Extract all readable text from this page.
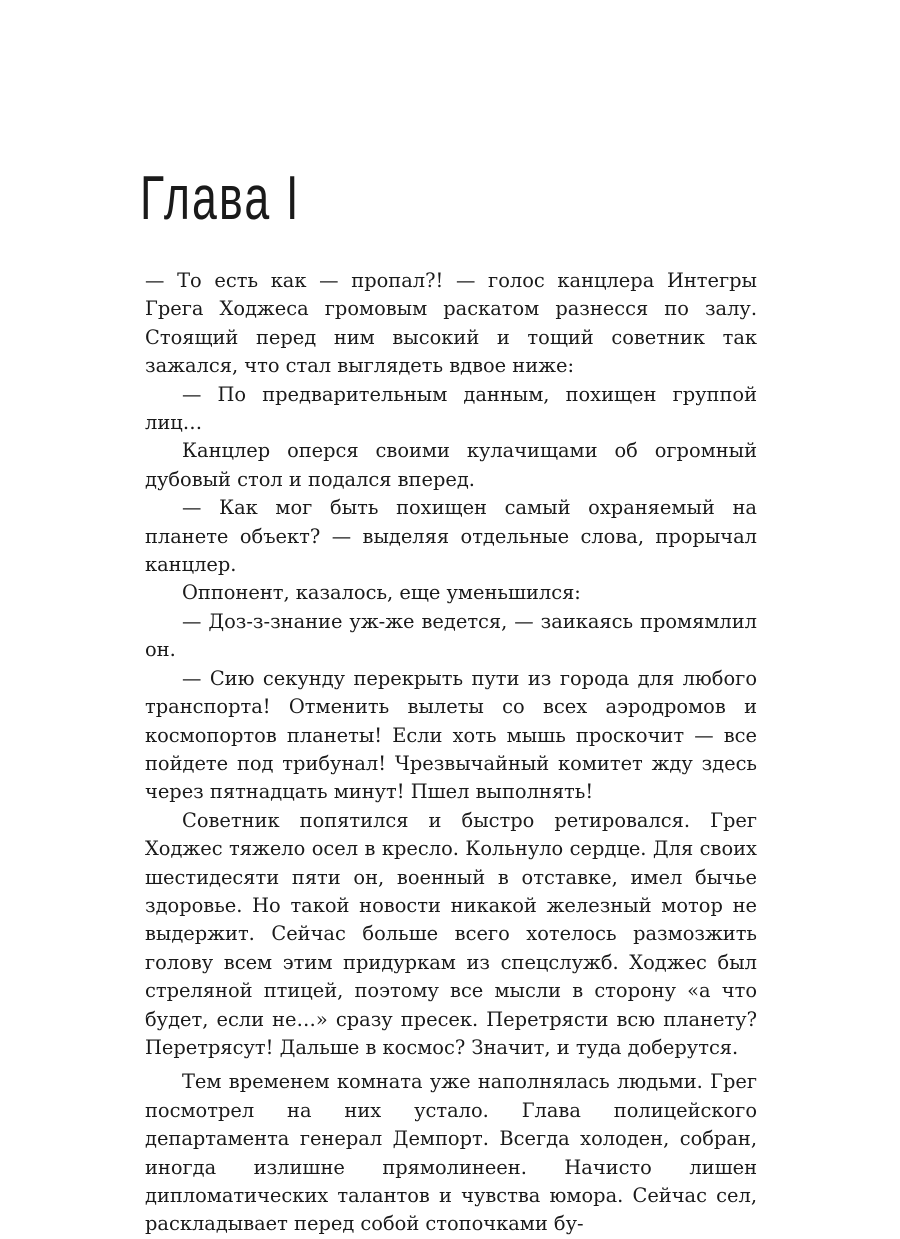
Глава I

— То есть как — пропал?! — голос канцлера Интегры Грега Ходжеса громовым раскатом разнесся по залу. Стоящий перед ним высокий и тощий советник так зажался, что стал выглядеть вдвое ниже:

— По предварительным данным, похищен группой лиц…

Канцлер оперся своими кулачищами об огромный дубовый стол и подался вперед.

— Как мог быть похищен самый охраняемый на планете объект? — выделяя отдельные слова, прорычал канцлер.

Оппонент, казалось, еще уменьшился:

— Доз-з-знание уж-же ведется, — заикаясь промямлил он.

— Сию секунду перекрыть пути из города для любого транспорта! Отменить вылеты со всех аэродромов и космопортов планеты! Если хоть мышь проскочит — все пойдете под трибунал! Чрезвычайный комитет жду здесь через пятнадцать минут! Пшел выполнять!

Советник попятился и быстро ретировался. Грег Ходжес тяжело осел в кресло. Кольнуло сердце. Для своих шестидесяти пяти он, военный в отставке, имел бычье здоровье. Но такой новости никакой железный мотор не выдержит. Сейчас больше всего хотелось размозжить голову всем этим придуркам из спецслужб. Ходжес был стреляной птицей, поэтому все мысли в сторону «а что будет, если не…» сразу пресек. Перетрясти всю планету? Перетрясут! Дальше в космос? Значит, и туда доберутся.

Тем временем комната уже наполнялась людьми. Грег посмотрел на них устало. Глава полицейского департамента генерал Демпорт. Всегда холоден, собран, иногда излишне прямолинеен. Начисто лишен дипломатических талантов и чувства юмора. Сейчас сел, раскладывает перед собой стопочками бу-
